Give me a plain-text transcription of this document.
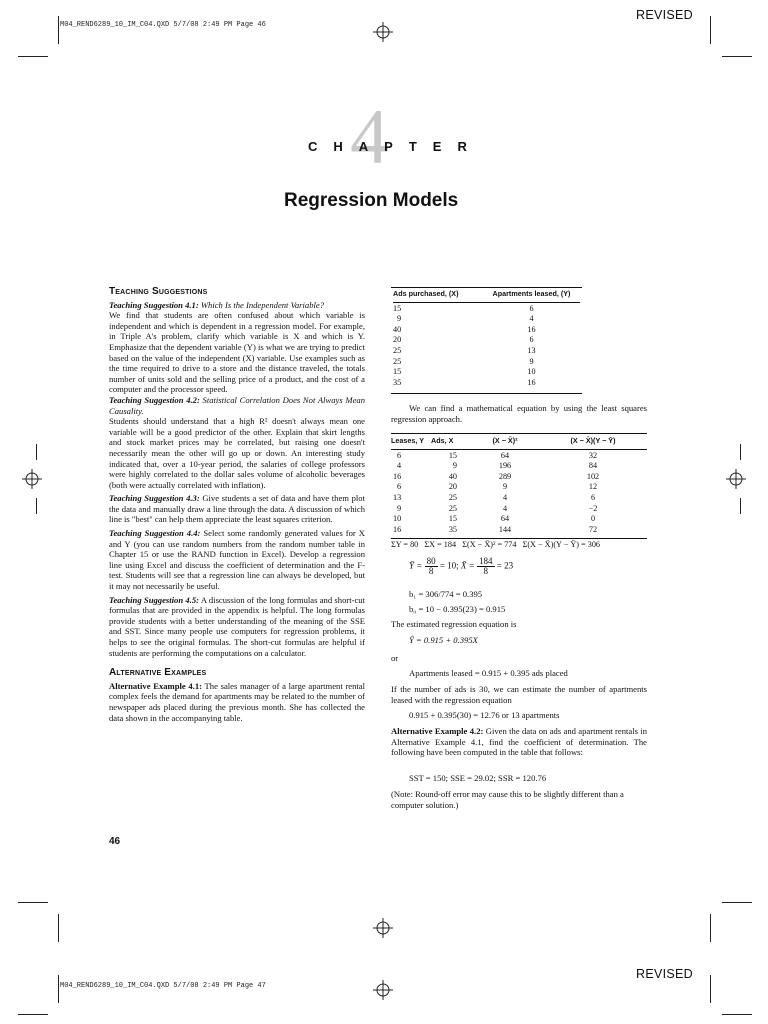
M04_REND6289_10_IM_C04.QXD 5/7/08 2:49 PM Page 46
REVISED
4
CHAPTER
Regression Models
Teaching Suggestions

Teaching Suggestion 4.1: Which Is the Independent Variable?
We find that students are often confused about which variable is independent and which is dependent in a regression model. For example, in Triple A's problem, clarify which variable is X and which is Y. Emphasize that the dependent variable (Y) is what we are trying to predict based on the value of the independent (X) variable. Use examples such as the time required to drive to a store and the distance traveled, the totals number of units sold and the selling price of a product, and the cost of a computer and the processor speed.

Teaching Suggestion 4.2: Statistical Correlation Does Not Always Mean Causality.
Students should understand that a high R² doesn't always mean one variable will be a good predictor of the other. Explain that skirt lengths and stock market prices may be correlated, but raising one doesn't necessarily mean the other will go up or down. An interesting study indicated that, over a 10-year period, the salaries of college professors were highly correlated to the dollar sales volume of alcoholic beverages (both were actually correlated with inflation).

Teaching Suggestion 4.3: Give students a set of data and have them plot the data and manually draw a line through the data. A discussion of which line is "best" can help them appreciate the least squares criterion.

Teaching Suggestion 4.4: Select some randomly generated values for X and Y (you can use random numbers from the random number table in Chapter 15 or use the RAND function in Excel). Develop a regression line using Excel and discuss the coefficient of determination and the F-test. Students will see that a regression line can always be developed, but it may not necessarily be useful.

Teaching Suggestion 4.5: A discussion of the long formulas and short-cut formulas that are provided in the appendix is helpful. The long formulas provide students with a better understanding of the meaning of the SSE and SST. Since many people use computers for regression problems, it helps to see the original formulas. The short-cut formulas are helpful if students are performing the computations on a calculator.

Alternative Examples

Alternative Example 4.1: The sales manager of a large apartment rental complex feels the demand for apartments may be related to the number of newspaper ads placed during the previous month. She has collected the data shown in the accompanying table.

46
Ads purchased, (X)	Apartments leased, (Y)

15	6
9	4
40	16
20	6
25	13
25	9
15	10
35	16
We can find a mathematical equation by using the least squares regression approach.
Leases, Y	Ads, X	(X − X̄)²	(X − X̄)(Y − Ȳ)

6	15	64	32
4	9	196	84
16	40	289	102
6	20	9	12
13	25	4	6
9	25	4	−2
10	15	64	0
16	35	144	72
ΣY = 80   ΣX = 184   Σ(X − X̄)² = 774   Σ(X − X̄)(Y − Ȳ) = 306
Ȳ = $\frac{80}{8} = 10$; X̄ = $\frac{184}{8} = 23$
b₁ = 306/774 = 0.395
b₀ = 10 − 0.395(23) = 0.915
The estimated regression equation is
Ŷ = 0.915 + 0.395X
or
Apartments leased = 0.915 + 0.395 ads placed
If the number of ads is 30, we can estimate the number of apartments leased with the regression equation
0.915 + 0.395(30) = 12.76 or 13 apartments
Alternative Example 4.2: Given the data on ads and apartment rentals in Alternative Example 4.1, find the coefficient of determination. The following have been computed in the table that follows:
SST = 150; SSE = 29.02; SSR = 120.76
(Note: Round-off error may cause this to be slightly different than a computer solution.)
REVISED
M04_REND6289_10_IM_C04.QXD 5/7/08 2:49 PM Page 47
